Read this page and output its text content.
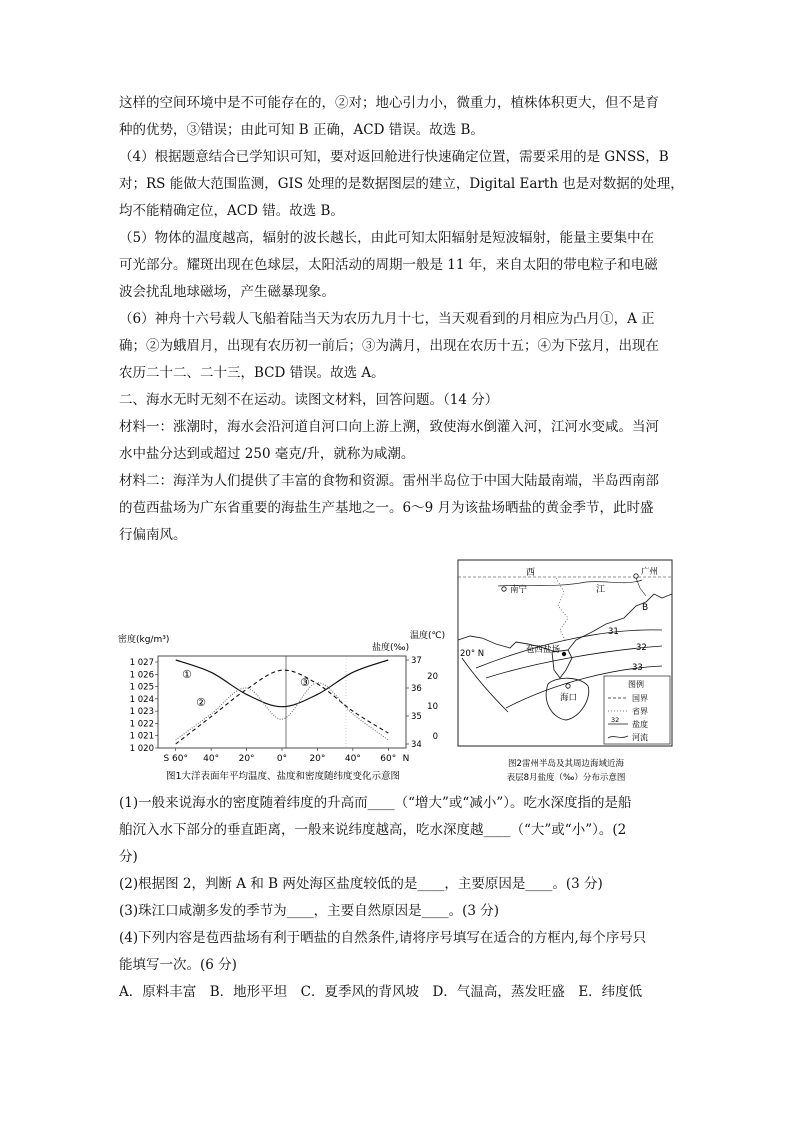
这样的空间环境中是不可能存在的，②对；地心引力小，微重力，植株体积更大，但不是育
种的优势，③错误；由此可知 B 正确，ACD 错误。故选 B。
（4）根据题意结合已学知识可知，要对返回舱进行快速确定位置，需要采用的是 GNSS，B
对；RS 能做大范围监测，GIS 处理的是数据图层的建立，Digital Earth 也是对数据的处理，
均不能精确定位，ACD 错。故选 B。
（5）物体的温度越高，辐射的波长越长，由此可知太阳辐射是短波辐射，能量主要集中在
可光部分。耀斑出现在色球层，太阳活动的周期一般是 11 年，来自太阳的带电粒子和电磁
波会扰乱地球磁场，产生磁暴现象。
（6）神舟十六号载人飞船着陆当天为农历九月十七，当天观看到的月相应为凸月①，A 正
确；②为蛾眉月，出现有农历初一前后；③为满月，出现在农历十五；④为下弦月，出现在
农历二十二、二十三，BCD 错误。故选 A。
二、海水无时无刻不在运动。读图文材料，回答问题。（14 分）
材料一：涨潮时，海水会沿河道自河口向上游上溯，致使海水倒灌入河，江河水变咸。当河
水中盐分达到或超过 250 毫克/升，就称为咸潮。
材料二：海洋为人们提供了丰富的食物和资源。雷州半岛位于中国大陆最南端，半岛西南部
的苞西盐场为广东省重要的海盐生产基地之一。6～9 月为该盐场晒盐的黄金季节，此时盛
行偏南风。
密度(kg/m³)
盐度(‰)
温度(℃)
1 027
1 026
1 025
1 024
1 023
1 022
1 021
1 020
37
36
35
34
20
10
0
S 60° 40° 20° 0° 20° 40° 60° N
①
②
③
图1大洋表面年平均温度、盐度和密度随纬度变化示意图
西
南宁	江
广州
B
苞西盐场
海口
20° N
31
32
33
图例
国界
省界
32 盐度
河流
图2雷州半岛及其周边海域近海
表层8月盐度（‰）分布示意图
(1)一般来说海水的密度随着纬度的升高而____（“增大”或“减小”）。吃水深度指的是船
舶沉入水下部分的垂直距离，一般来说纬度越高，吃水深度越____（“大”或“小”）。(2
分)
(2)根据图 2，判断 A 和 B 两处海区盐度较低的是____，主要原因是____。(3 分)
(3)珠江口咸潮多发的季节为____，主要自然原因是____。(3 分)
(4)下列内容是苞西盐场有利于晒盐的自然条件,请将序号填写在适合的方框内,每个序号只
能填写一次。(6 分)
A．原料丰富　B．地形平坦　C．夏季风的背风坡　D．气温高，蒸发旺盛　E．纬度低
